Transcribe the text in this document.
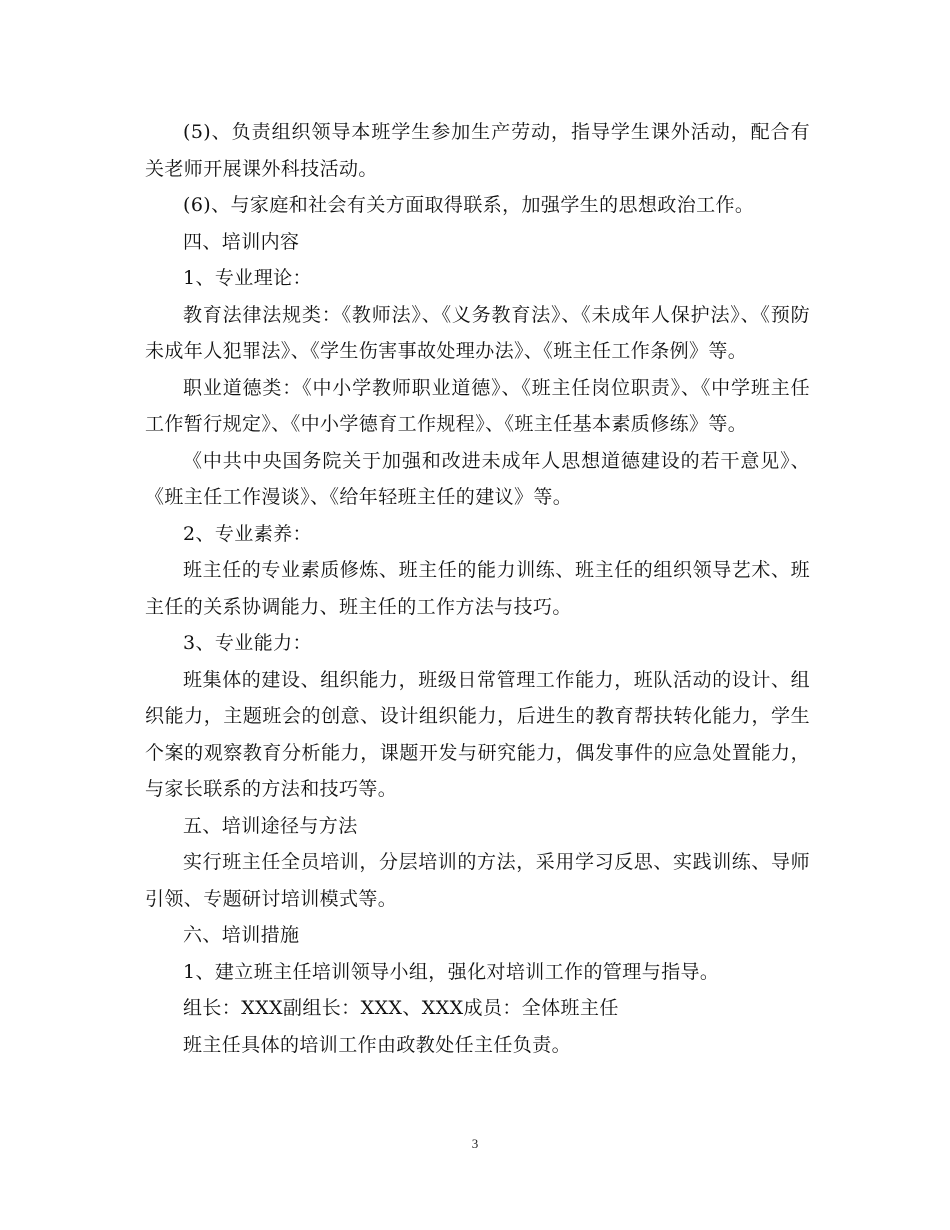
(5)、负责组织领导本班学生参加生产劳动，指导学生课外活动，配合有关老师开展课外科技活动。

(6)、与家庭和社会有关方面取得联系，加强学生的思想政治工作。

四、培训内容

1、专业理论：

教育法律法规类：《教师法》、《义务教育法》、《未成年人保护法》、《预防未成年人犯罪法》、《学生伤害事故处理办法》、《班主任工作条例》等。

职业道德类：《中小学教师职业道德》、《班主任岗位职责》、《中学班主任工作暂行规定》、《中小学德育工作规程》、《班主任基本素质修练》等。

《中共中央国务院关于加强和改进未成年人思想道德建设的若干意见》、《班主任工作漫谈》、《给年轻班主任的建议》等。

2、专业素养：

班主任的专业素质修炼、班主任的能力训练、班主任的组织领导艺术、班主任的关系协调能力、班主任的工作方法与技巧。

3、专业能力：

班集体的建设、组织能力，班级日常管理工作能力，班队活动的设计、组织能力，主题班会的创意、设计组织能力，后进生的教育帮扶转化能力，学生个案的观察教育分析能力，课题开发与研究能力，偶发事件的应急处置能力，与家长联系的方法和技巧等。

五、培训途径与方法

实行班主任全员培训，分层培训的方法，采用学习反思、实践训练、导师引领、专题研讨培训模式等。

六、培训措施

1、建立班主任培训领导小组，强化对培训工作的管理与指导。

组长：XXX副组长：XXX、XXX成员：全体班主任

班主任具体的培训工作由政教处任主任负责。

3
